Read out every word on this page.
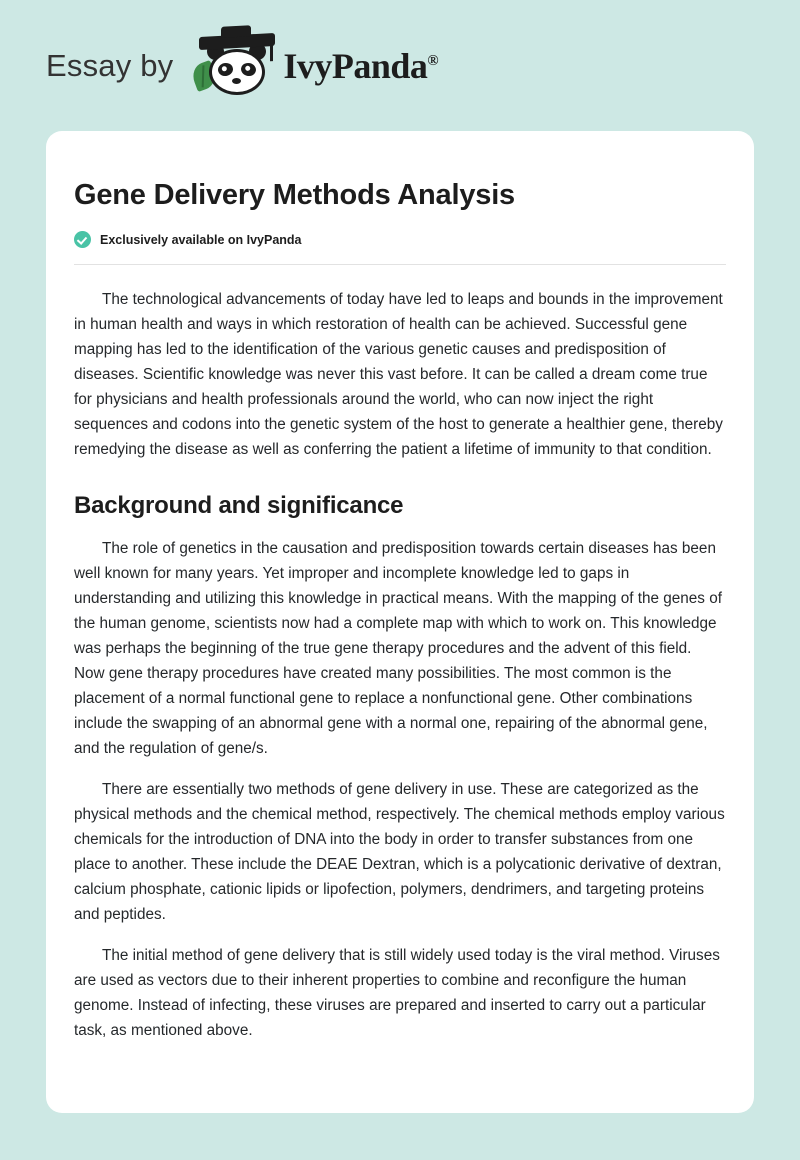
Essay by	IvyPanda®
Gene Delivery Methods Analysis
Exclusively available on IvyPanda

The technological advancements of today have led to leaps and bounds in the improvement in human health and ways in which restoration of health can be achieved. Successful gene mapping has led to the identification of the various genetic causes and predisposition of diseases. Scientific knowledge was never this vast before. It can be called a dream come true for physicians and health professionals around the world, who can now inject the right sequences and codons into the genetic system of the host to generate a healthier gene, thereby remedying the disease as well as conferring the patient a lifetime of immunity to that condition.

Background and significance

The role of genetics in the causation and predisposition towards certain diseases has been well known for many years. Yet improper and incomplete knowledge led to gaps in understanding and utilizing this knowledge in practical means. With the mapping of the genes of the human genome, scientists now had a complete map with which to work on. This knowledge was perhaps the beginning of the true gene therapy procedures and the advent of this field. Now gene therapy procedures have created many possibilities. The most common is the placement of a normal functional gene to replace a nonfunctional gene. Other combinations include the swapping of an abnormal gene with a normal one, repairing of the abnormal gene, and the regulation of gene/s.

There are essentially two methods of gene delivery in use. These are categorized as the physical methods and the chemical method, respectively. The chemical methods employ various chemicals for the introduction of DNA into the body in order to transfer substances from one place to another. These include the DEAE Dextran, which is a polycationic derivative of dextran, calcium phosphate, cationic lipids or lipofection, polymers, dendrimers, and targeting proteins and peptides.

The initial method of gene delivery that is still widely used today is the viral method. Viruses are used as vectors due to their inherent properties to combine and reconfigure the human genome. Instead of infecting, these viruses are prepared and inserted to carry out a particular task, as mentioned above.
